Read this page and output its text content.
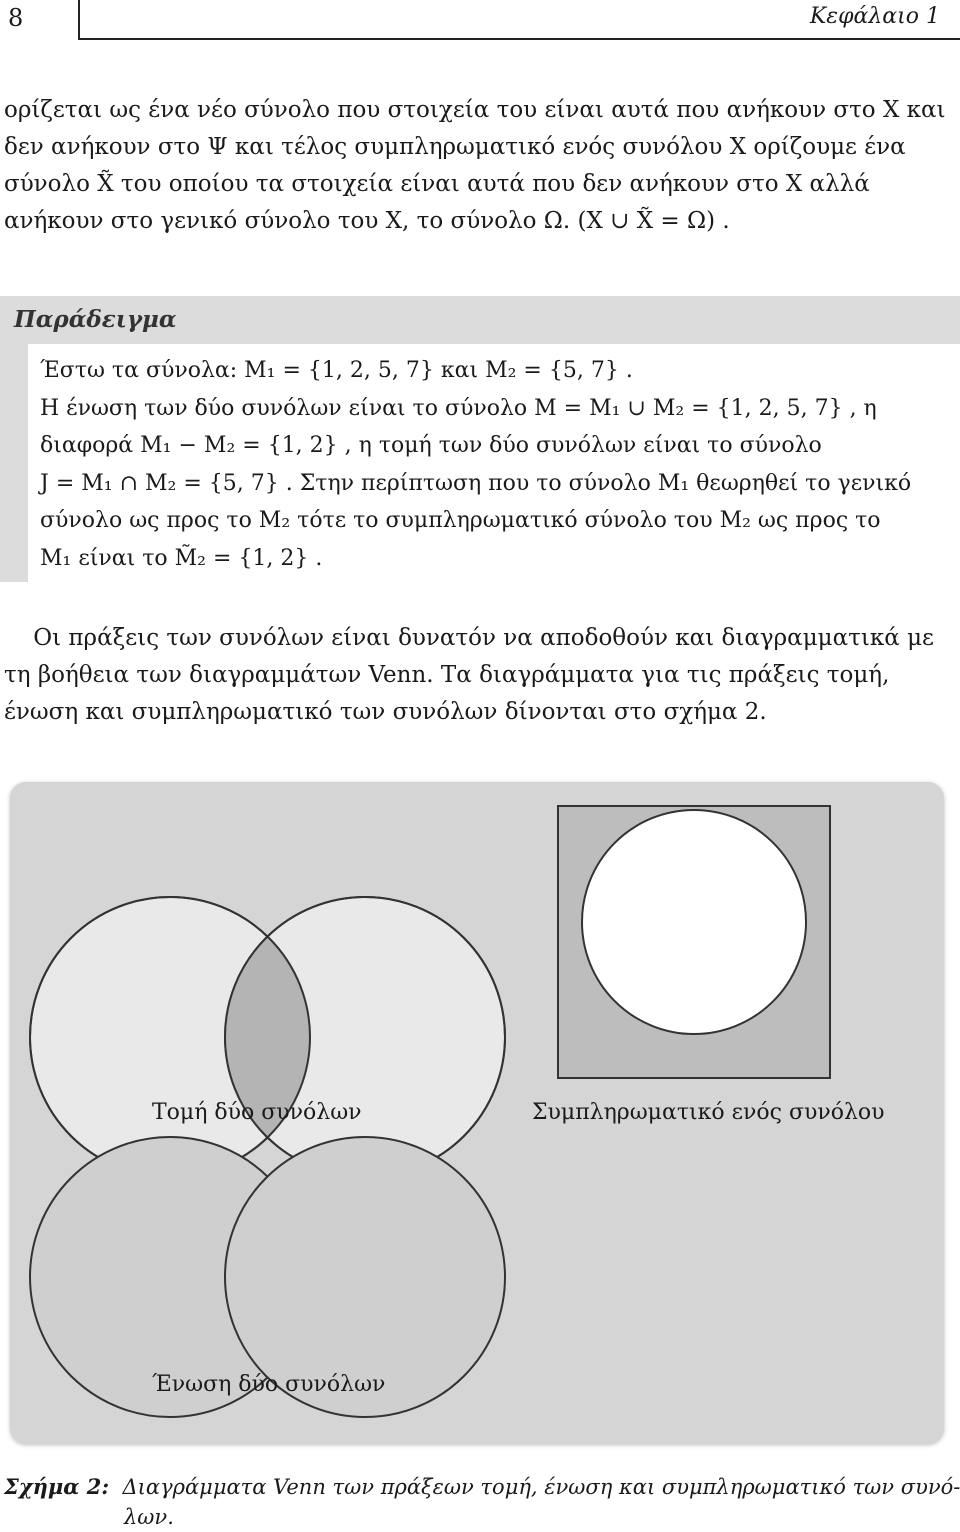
8	Κεφάλαιο 1
ορίζεται ως ένα νέο σύνολο που στοιχεία του είναι αυτά που ανήκουν στο Χ και
δεν ανήκουν στο Ψ και τέλος συμπληρωματικό ενός συνόλου Χ ορίζουμε ένα
σύνολο X̃ του οποίου τα στοιχεία είναι αυτά που δεν ανήκουν στο Χ αλλά
ανήκουν στο γενικό σύνολο του Χ, το σύνολο Ω. (X ∪ X̃ = Ω) .
Παράδειγμα
Έστω τα σύνολα: M₁ = {1, 2, 5, 7} και M₂ = {5, 7} .
Η ένωση των δύο συνόλων είναι το σύνολο M = M₁ ∪ M₂ = {1, 2, 5, 7} , η
διαφορά M₁ − M₂ = {1, 2} , η τομή των δύο συνόλων είναι το σύνολο
J = M₁ ∩ M₂ = {5, 7} . Στην περίπτωση που το σύνολο M₁ θεωρηθεί το γενικό
σύνολο ως προς το M₂ τότε το συμπληρωματικό σύνολο του M₂ ως προς το
M₁ είναι το M̃₂ = {1, 2} .
Οι πράξεις των συνόλων είναι δυνατόν να αποδοθούν και διαγραμματικά με
τη βοήθεια των διαγραμμάτων Venn. Τα διαγράμματα για τις πράξεις τομή,
ένωση και συμπληρωματικό των συνόλων δίνονται στο σχήμα 2.
Τομή δύο συνόλων	Συμπληρωματικό ενός συνόλου
Ένωση δύο συνόλων
Σχήμα 2: Διαγράμματα Venn των πράξεων τομή, ένωση και συμπληρωματικό των συνό-
λων.
